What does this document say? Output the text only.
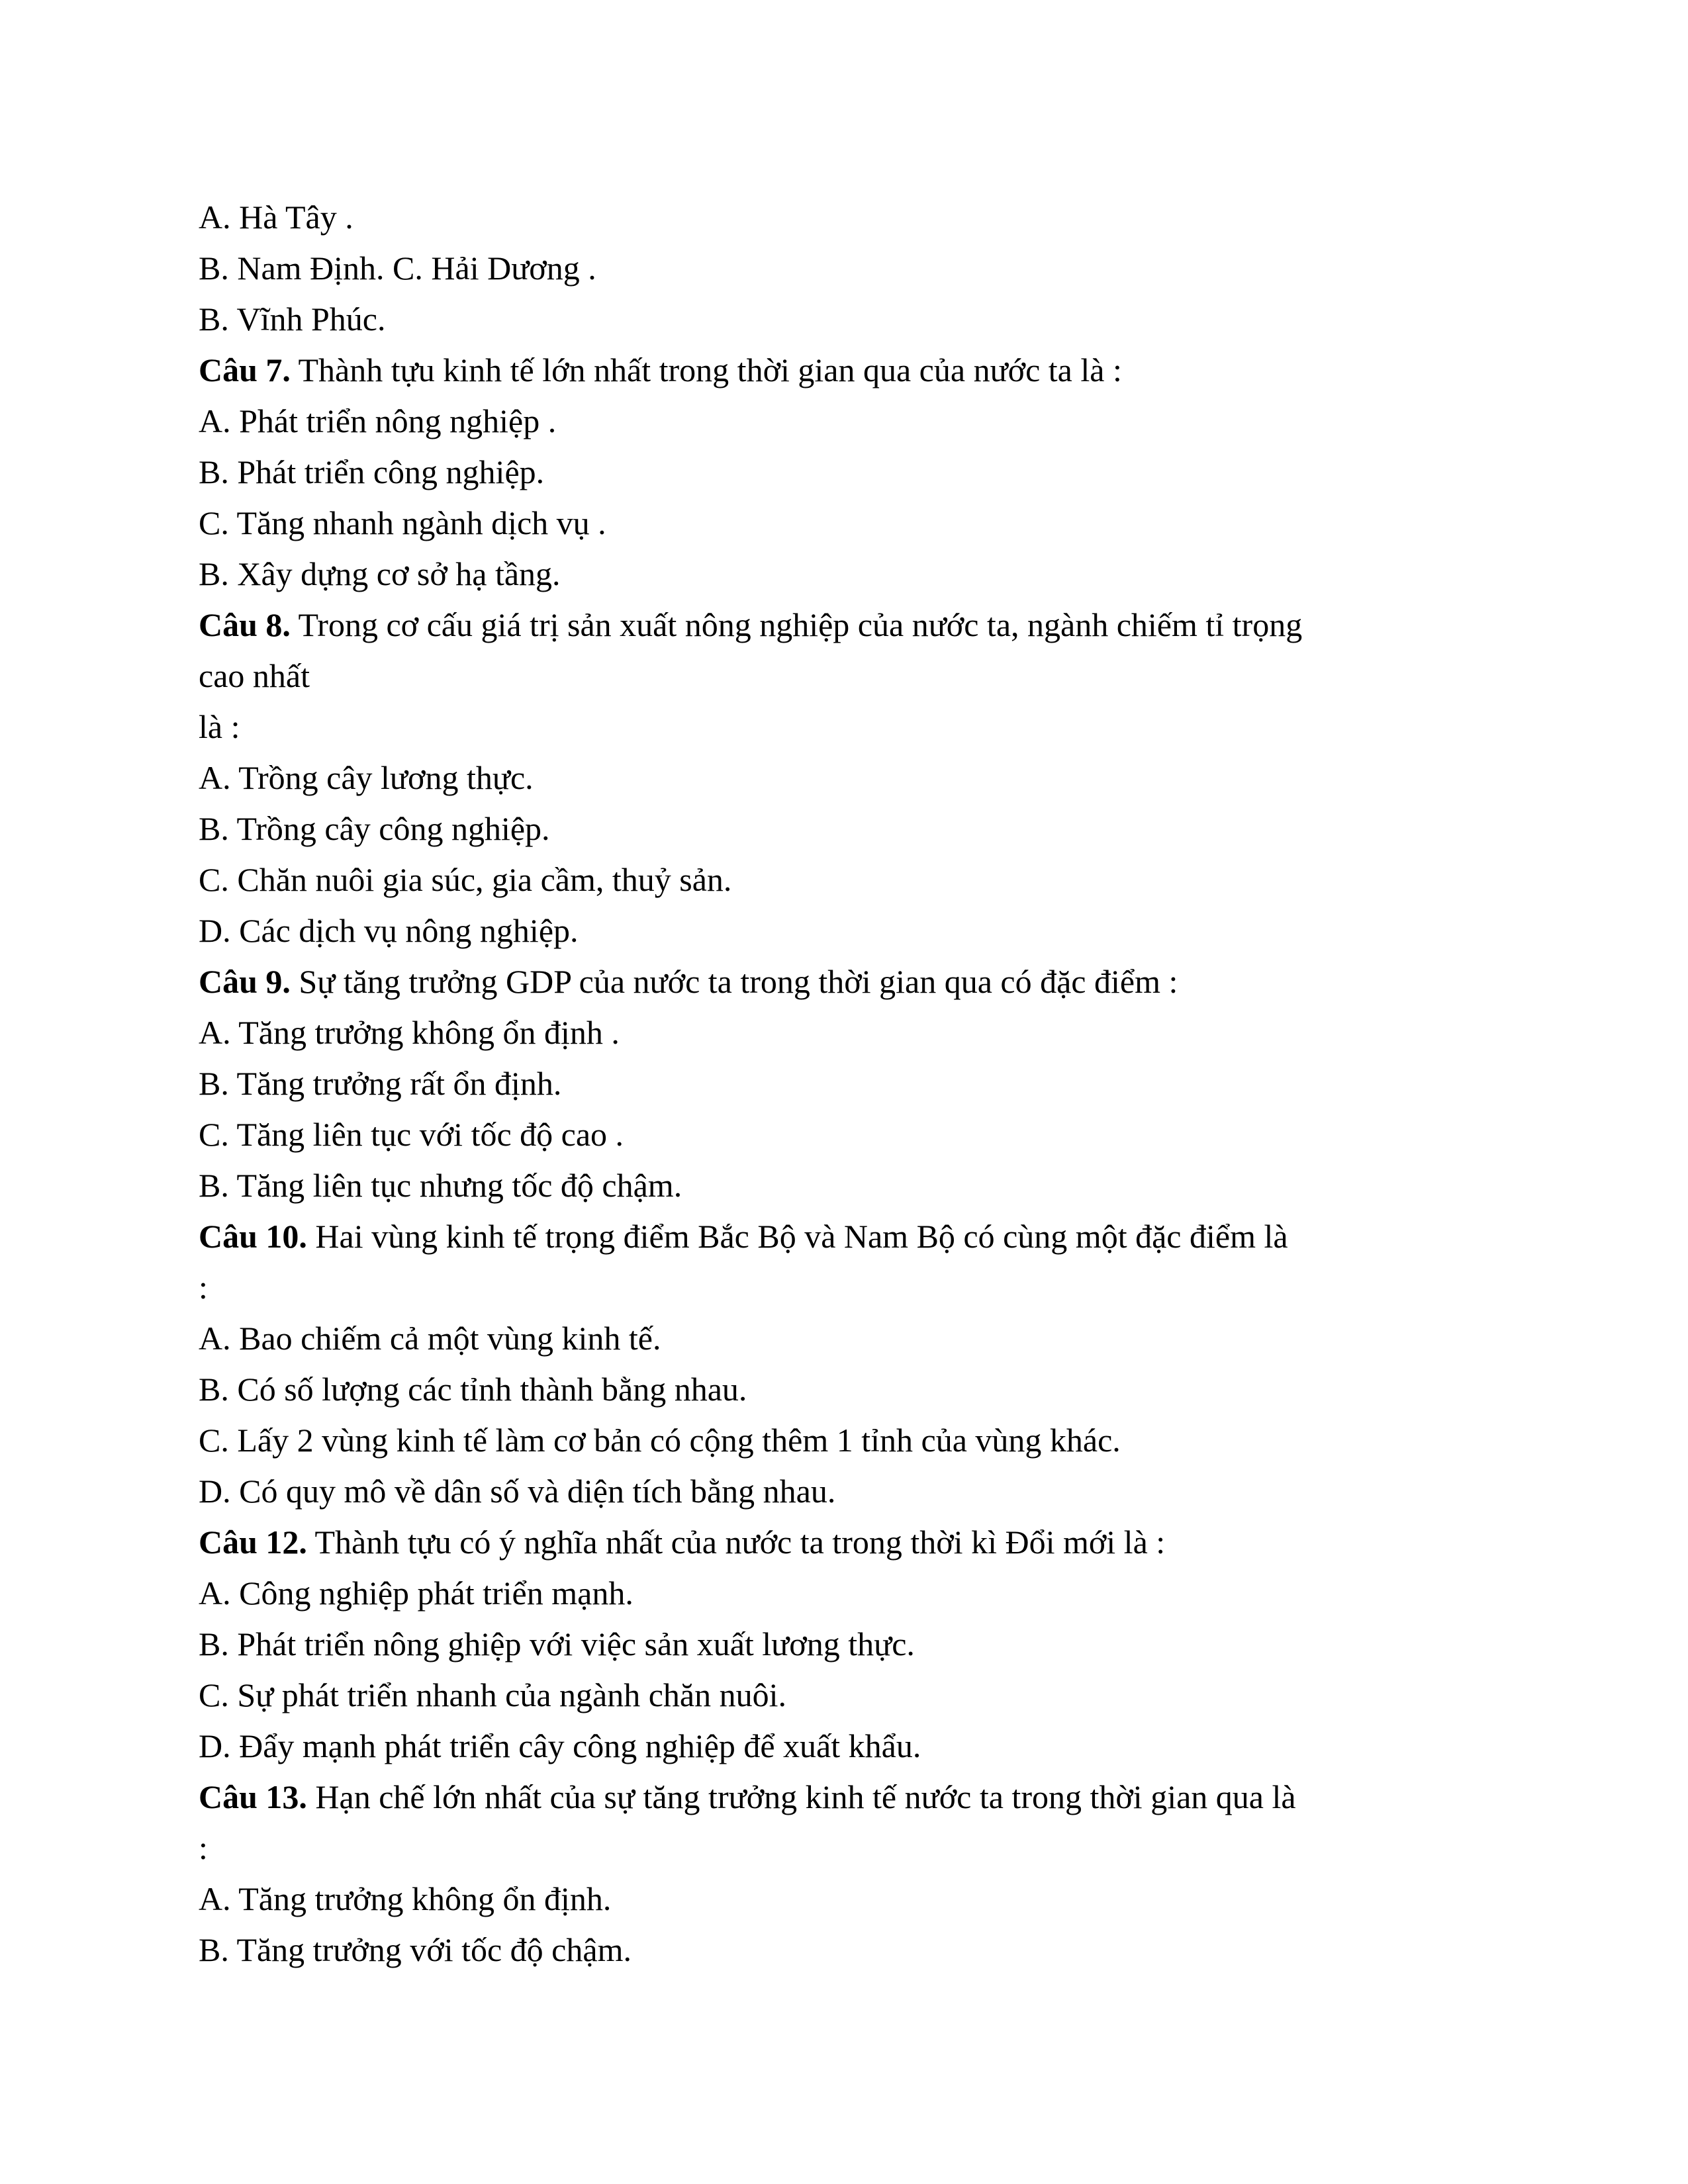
A. Hà Tây .
B. Nam Định. C. Hải Dương .
B. Vĩnh Phúc.
Câu 7. Thành tựu kinh tế lớn nhất trong thời gian qua của nước ta là :
A. Phát triển nông nghiệp .
B. Phát triển công nghiệp.
C. Tăng nhanh ngành dịch vụ .
B. Xây dựng cơ sở hạ tầng.
Câu 8. Trong cơ cấu giá trị sản xuất nông nghiệp của nước ta, ngành chiếm tỉ trọng
cao nhất
là :
A. Trồng cây lương thực.
B. Trồng cây công nghiệp.
C. Chăn nuôi gia súc, gia cầm, thuỷ sản.
D. Các dịch vụ nông nghiệp.
Câu 9. Sự tăng trưởng GDP của nước ta trong thời gian qua có đặc điểm :
A. Tăng trưởng không ổn định .
B. Tăng trưởng rất ổn định.
C. Tăng liên tục với tốc độ cao .
B. Tăng liên tục nhưng tốc độ chậm.
Câu 10. Hai vùng kinh tế trọng điểm Bắc Bộ và Nam Bộ có cùng một đặc điểm là
:
A. Bao chiếm cả một vùng kinh tế.
B. Có số lượng các tỉnh thành bằng nhau.
C. Lấy 2 vùng kinh tế làm cơ bản có cộng thêm 1 tỉnh của vùng khác.
D. Có quy mô về dân số và diện tích bằng nhau.
Câu 12. Thành tựu có ý nghĩa nhất của nước ta trong thời kì Đổi mới là :
A. Công nghiệp phát triển mạnh.
B. Phát triển nông ghiệp với việc sản xuất lương thực.
C. Sự phát triển nhanh của ngành chăn nuôi.
D. Đẩy mạnh phát triển cây công nghiệp để xuất khẩu.
Câu 13. Hạn chế lớn nhất của sự tăng trưởng kinh tế nước ta trong thời gian qua là
:
A. Tăng trưởng không ổn định.
B. Tăng trưởng với tốc độ chậm.
